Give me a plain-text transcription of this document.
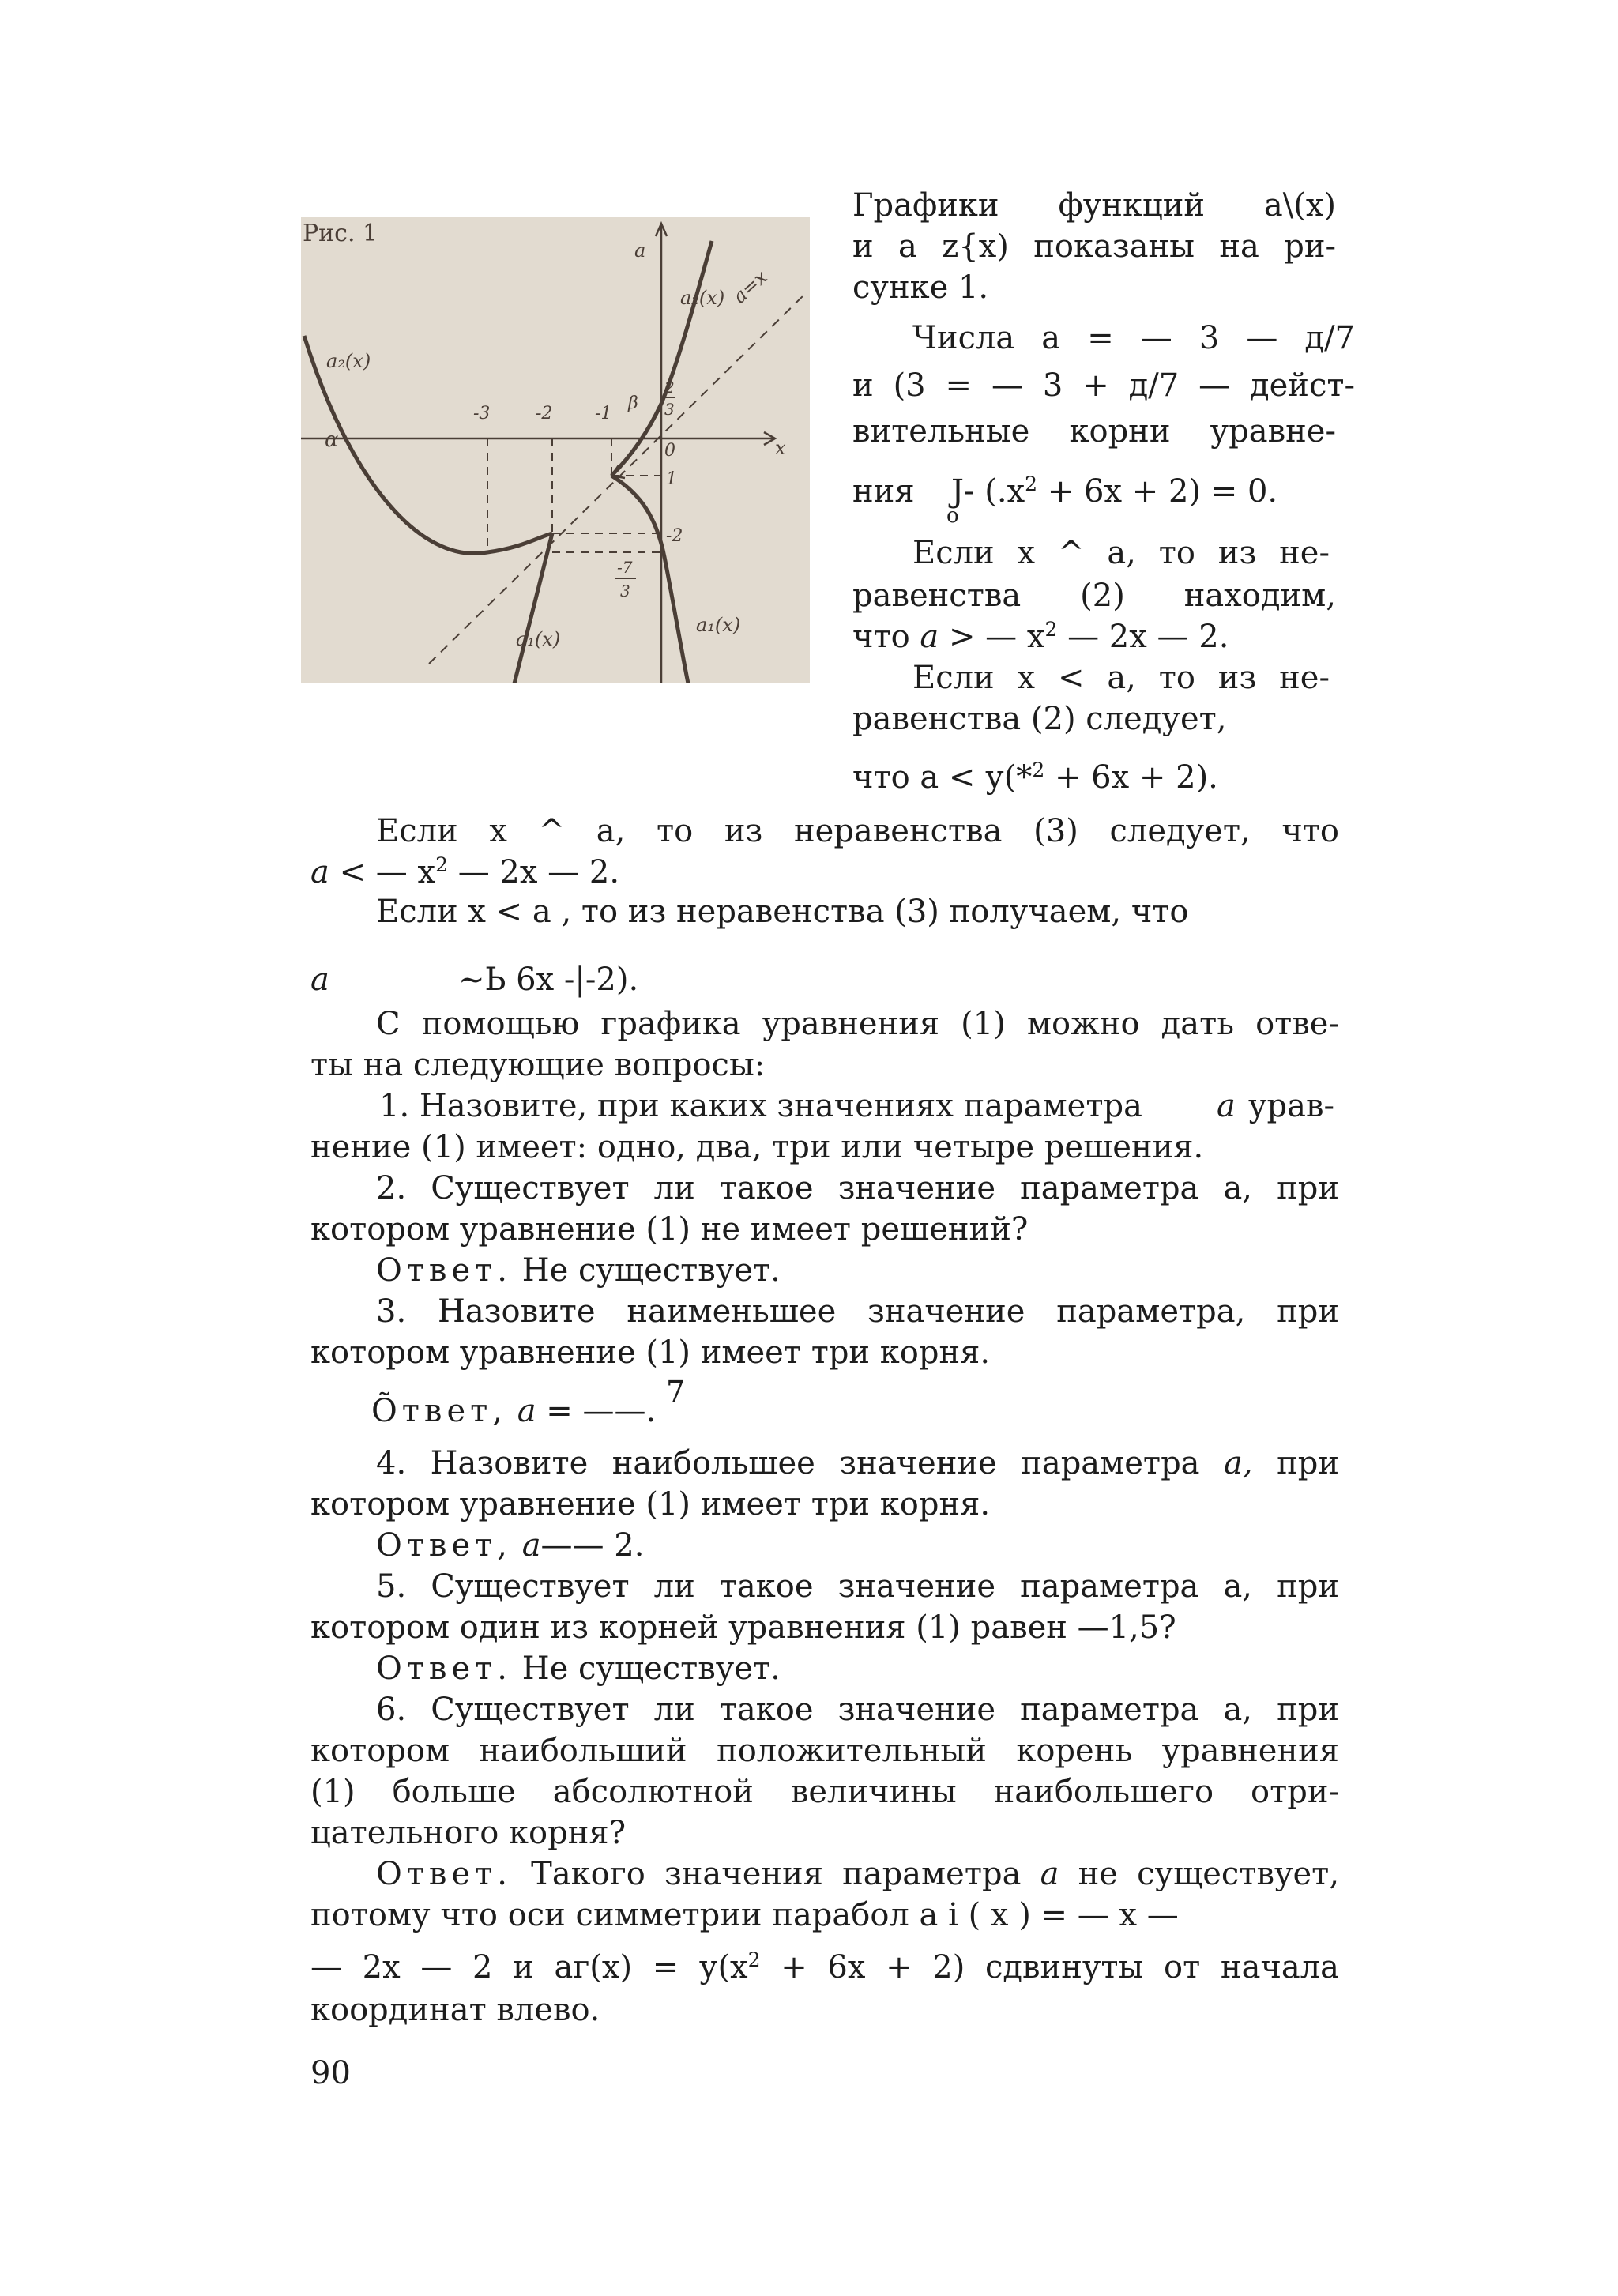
Рис. 1
a
x
a=x
-3	-2 -1
0
α
β
2
3
1
-2
-7
3
a₂(x)
a₂(x)
a₁(x)
a₁(x)
Графики функций a\(x)
и a z{x) показаны на ри-
сунке 1.
Числа а = — 3 — д/7
и (3 = — 3 + д/7 — дейст-
вительные корни уравне-
ния J- $(.x^2 + 6x + 2) = 0$.
о
Если x ^ а, то из не-
равенства (2) находим,
что a > — $x^2$ — 2x — 2.
Если x < а, то из не-
равенства (2) следует,
что а < у(*$^2$ + 6x + 2).
Если x ^ а, то из неравенства (3) следует, что
a < — $x^2$ — 2x — 2.
Если x < а , то из неравенства (3) получаем, что
a	~Ь 6x -|-2).
С помощью графика уравнения (1) можно дать отве-
ты на следующие вопросы:
1. Назовите, при каких значениях параметра a урав-
нение (1) имеет: одно, два, три или четыре решения.
2. Существует ли такое значение параметра а, при
котором уравнение (1) не имеет решений?
Ответ. Не существует.
3. Назовите наименьшее значение параметра, при
котором уравнение (1) имеет три корня.
7
Õтвет, a = ——.
4. Назовите наибольшее значение параметра a, при
котором уравнение (1) имеет три корня.
Ответ, a—— 2.
5. Существует ли такое значение параметра а, при
котором один из корней уравнения (1) равен —1,5?
Ответ. Не существует.
6. Существует ли такое значение параметра а, при
котором наибольший положительный корень уравнения
(1) больше абсолютной величины наибольшего отри-
цательного корня?
Ответ. Такого значения параметра a не существует,
потому что оси симметрии парабол a i ( x ) = — x —
— 2x — 2 и $аг(х) = у(х^2 + 6x + 2)$ сдвинуты от начала
координат влево.
90
